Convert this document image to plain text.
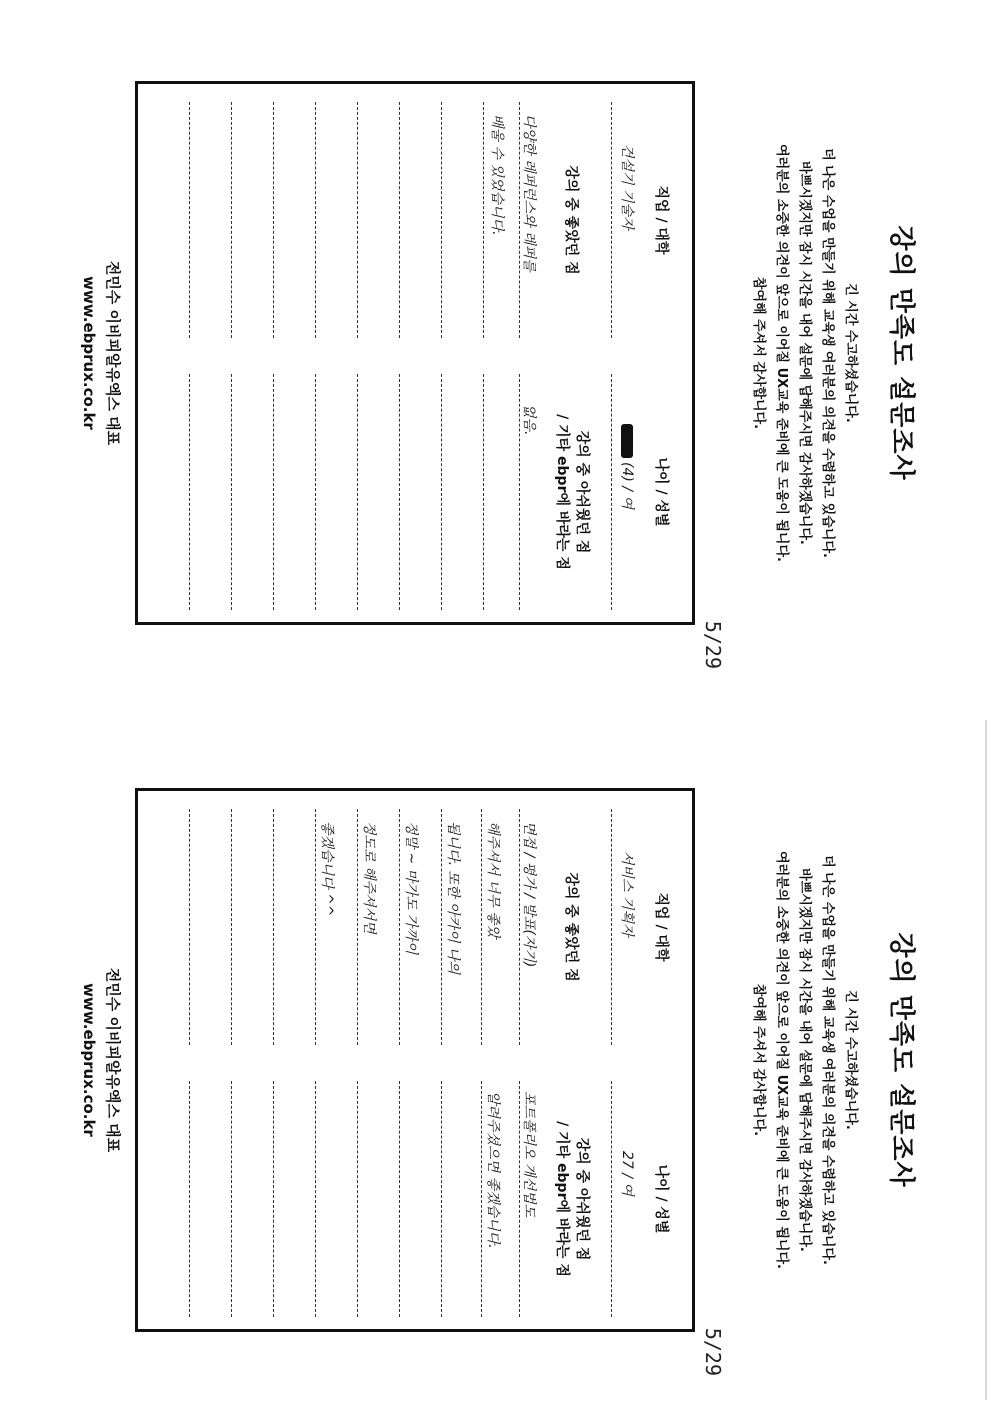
강의 만족도 설문조사
긴 시간 수고하셨습니다.
더 나은 수업을 만들기 위해 교육생 여러분의 의견을 수렴하고 있습니다.
바쁘시겠지만 잠시 시간을 내어 설문에 답해주시면 감사하겠습니다.
여러분의 소중한 의견이 앞으로 이어질 UX교육 준비에 큰 도움이 됩니다.
참여해 주셔서 감사합니다.
5/29
직업 / 대학
나이 / 성별
건설기 기술자
(4) / 여
강의 중 좋았던 점
강의 중 아쉬웠던 점
/ 기타 ebpr에 바라는 점
다양한 레퍼런스와 레퍼를
없음.
배울 수 있었습니다.
전민수 이비피알유엑스 대표
www.ebprux.co.kr
강의 만족도 설문조사
긴 시간 수고하셨습니다.
더 나은 수업을 만들기 위해 교육생 여러분의 의견을 수렴하고 있습니다.
바쁘시겠지만 잠시 시간을 내어 설문에 답해주시면 감사하겠습니다.
여러분의 소중한 의견이 앞으로 이어질 UX교육 준비에 큰 도움이 됩니다.
참여해 주셔서 감사합니다.
5/29
직업 / 대학
나이 / 성별
서비스 기획자
27 / 여
강의 중 좋았던 점
강의 중 아쉬웠던 점
/ 기타 ebpr에 바라는 점
면접 / 평가 / 발표(자기)
포트폴리오 개선법도
해주셔서 너무 좋았
알려주셨으면 좋겠습니다.
됩니다. 또한 아카이 나의
정말 ~ 마가도 가까이
정도로 해주셔서면
좋겠습니다 ^^
전민수 이비피알유엑스 대표
www.ebprux.co.kr
